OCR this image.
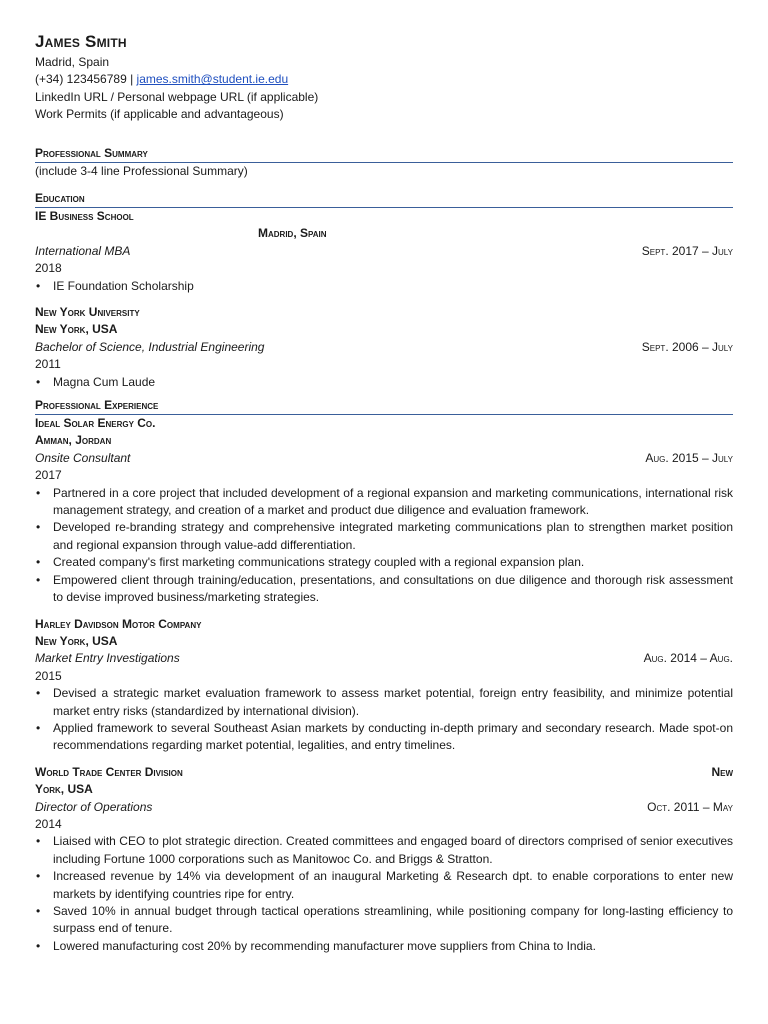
James Smith
Madrid, Spain
(+34) 123456789 | james.smith@student.ie.edu
LinkedIn URL / Personal webpage URL (if applicable)
Work Permits (if applicable and advantageous)
Professional Summary
(include 3-4 line Professional Summary)
Education
IE Business School
Madrid, Spain
International MBA	Sept. 2017 – July
2018
• IE Foundation Scholarship
New York University
New York, USA
Bachelor of Science, Industrial Engineering	Sept. 2006 – July
2011
• Magna Cum Laude
Professional Experience
Ideal Solar Energy Co.
Amman, Jordan
Onsite Consultant	Aug. 2015 – July
2017
• Partnered in a core project that included development of a regional expansion and marketing communications, international risk management strategy, and creation of a market and product due diligence and evaluation framework.
• Developed re-branding strategy and comprehensive integrated marketing communications plan to strengthen market position and regional expansion through value-add differentiation.
• Created company's first marketing communications strategy coupled with a regional expansion plan.
• Empowered client through training/education, presentations, and consultations on due diligence and thorough risk assessment to devise improved business/marketing strategies.
Harley Davidson Motor Company
New York, USA
Market Entry Investigations	Aug. 2014 – Aug.
2015
• Devised a strategic market evaluation framework to assess market potential, foreign entry feasibility, and minimize potential market entry risks (standardized by international division).
• Applied framework to several Southeast Asian markets by conducting in-depth primary and secondary research. Made spot-on recommendations regarding market potential, legalities, and entry timelines.
World Trade Center Division	New
York, USA
Director of Operations	Oct. 2011 – May
2014
• Liaised with CEO to plot strategic direction. Created committees and engaged board of directors comprised of senior executives including Fortune 1000 corporations such as Manitowoc Co. and Briggs & Stratton.
• Increased revenue by 14% via development of an inaugural Marketing & Research dpt. to enable corporations to enter new markets by identifying countries ripe for entry.
• Saved 10% in annual budget through tactical operations streamlining, while positioning company for long-lasting efficiency to surpass end of tenure.
• Lowered manufacturing cost 20% by recommending manufacturer move suppliers from China to India.
